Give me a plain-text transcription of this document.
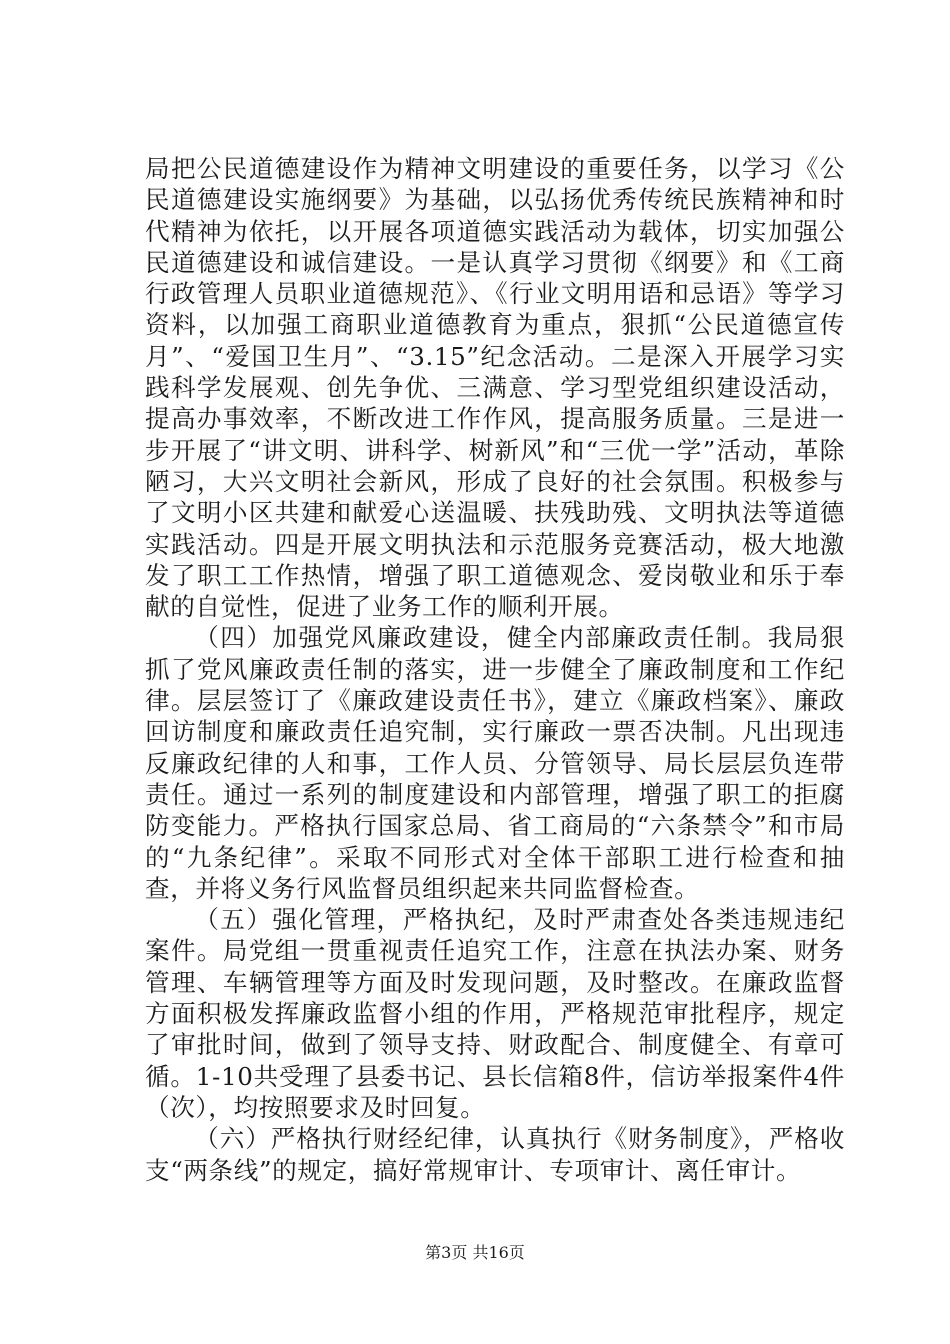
局把公民道德建设作为精神文明建设的重要任务，以学习《公民道德建设实施纲要》为基础，以弘扬优秀传统民族精神和时代精神为依托，以开展各项道德实践活动为载体，切实加强公民道德建设和诚信建设。一是认真学习贯彻《纲要》和《工商行政管理人员职业道德规范》、《行业文明用语和忌语》等学习资料，以加强工商职业道德教育为重点，狠抓“公民道德宣传月”、“爱国卫生月”、“3.15”纪念活动。二是深入开展学习实践科学发展观、创先争优、三满意、学习型党组织建设活动，提高办事效率，不断改进工作作风，提高服务质量。三是进一步开展了“讲文明、讲科学、树新风”和“三优一学”活动，革除陋习，大兴文明社会新风，形成了良好的社会氛围。积极参与了文明小区共建和献爱心送温暖、扶残助残、文明执法等道德实践活动。四是开展文明执法和示范服务竞赛活动，极大地激发了职工工作热情，增强了职工道德观念、爱岗敬业和乐于奉献的自觉性，促进了业务工作的顺利开展。

（四）加强党风廉政建设，健全内部廉政责任制。我局狠抓了党风廉政责任制的落实，进一步健全了廉政制度和工作纪律。层层签订了《廉政建设责任书》，建立《廉政档案》、廉政回访制度和廉政责任追究制，实行廉政一票否决制。凡出现违反廉政纪律的人和事，工作人员、分管领导、局长层层负连带责任。通过一系列的制度建设和内部管理，增强了职工的拒腐防变能力。严格执行国家总局、省工商局的“六条禁令”和市局的“九条纪律”。采取不同形式对全体干部职工进行检查和抽查，并将义务行风监督员组织起来共同监督检查。

（五）强化管理，严格执纪，及时严肃查处各类违规违纪案件。局党组一贯重视责任追究工作，注意在执法办案、财务管理、车辆管理等方面及时发现问题，及时整改。在廉政监督方面积极发挥廉政监督小组的作用，严格规范审批程序，规定了审批时间，做到了领导支持、财政配合、制度健全、有章可循。1-10共受理了县委书记、县长信箱8件，信访举报案件4件（次），均按照要求及时回复。

（六）严格执行财经纪律，认真执行《财务制度》，严格收支“两条线”的规定，搞好常规审计、专项审计、离任审计。

第3页 共16页
